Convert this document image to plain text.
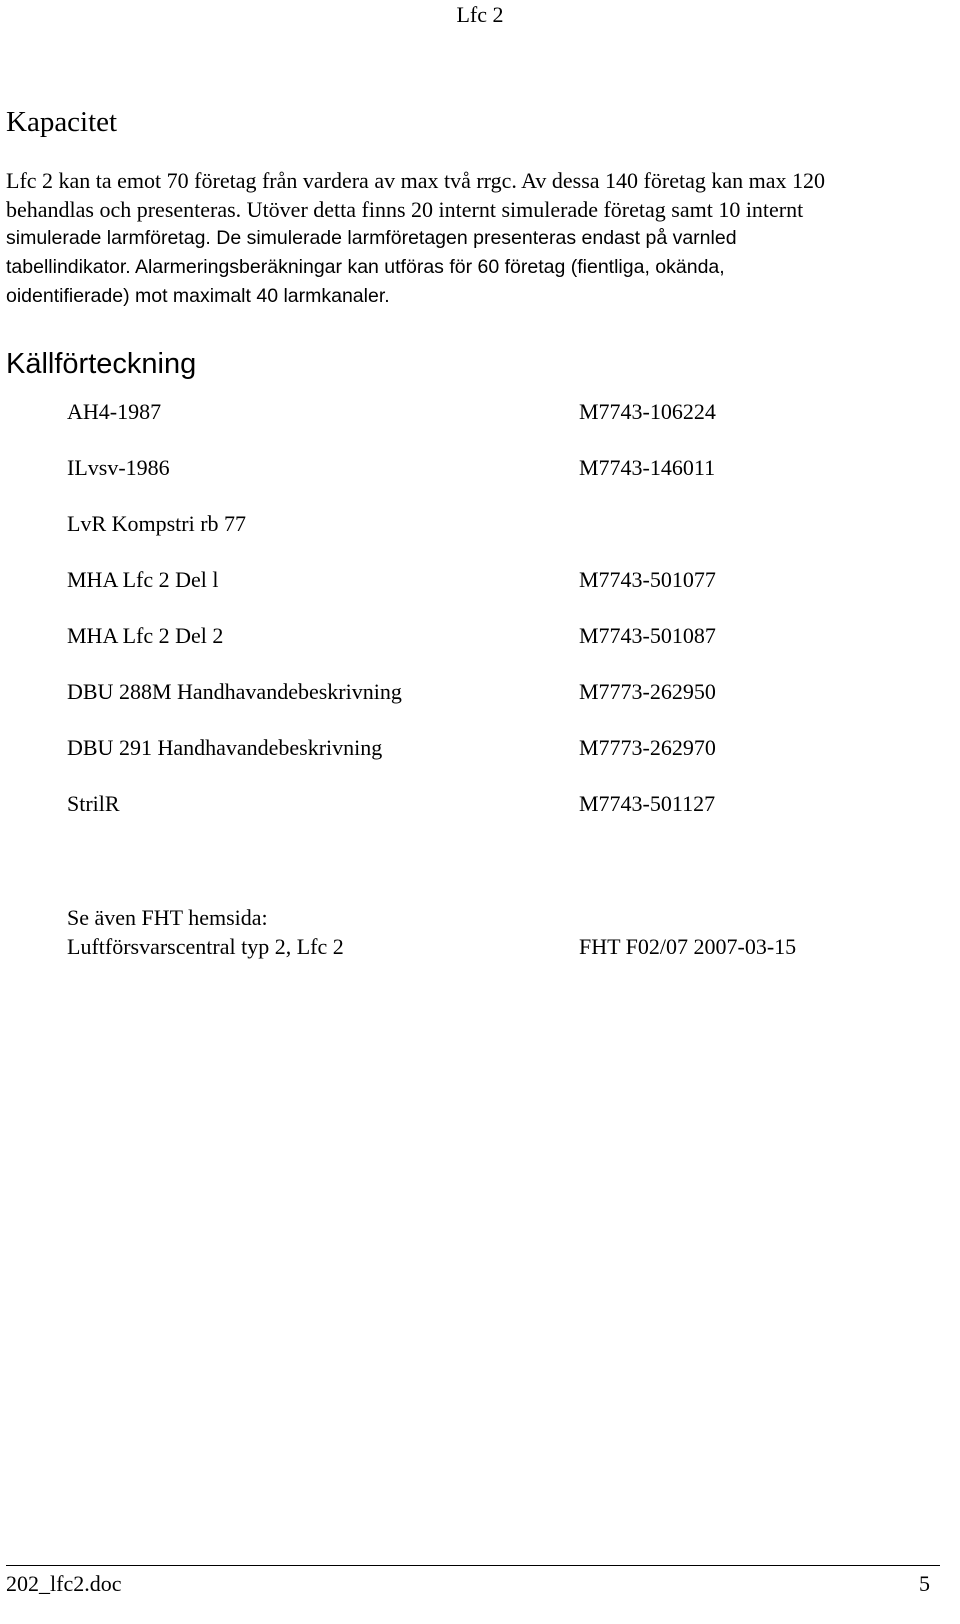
Lfc 2
Kapacitet
Lfc 2 kan ta emot 70 företag från vardera av max två rrgc. Av dessa 140 företag kan max 120
behandlas och presenteras. Utöver detta finns 20 internt simulerade företag samt 10 internt
simulerade larmföretag. De simulerade larmföretagen presenteras endast på varnled
tabellindikator. Alarmeringsberäkningar kan utföras för 60 företag (fientliga, okända,
oidentifierade) mot maximalt 40 larmkanaler.
Källförteckning
AH4-1987	M7743-106224
ILvsv-1986	M7743-146011
LvR Kompstri rb 77
MHA Lfc 2 Del l	M7743-501077
MHA Lfc 2 Del 2	M7743-501087
DBU 288M Handhavandebeskrivning	M7773-262950
DBU 291 Handhavandebeskrivning	M7773-262970
StrilR	M7743-501127
Se även FHT hemsida:
Luftförsvarscentral typ 2, Lfc 2	FHT F02/07 2007-03-15
202_lfc2.doc	5
